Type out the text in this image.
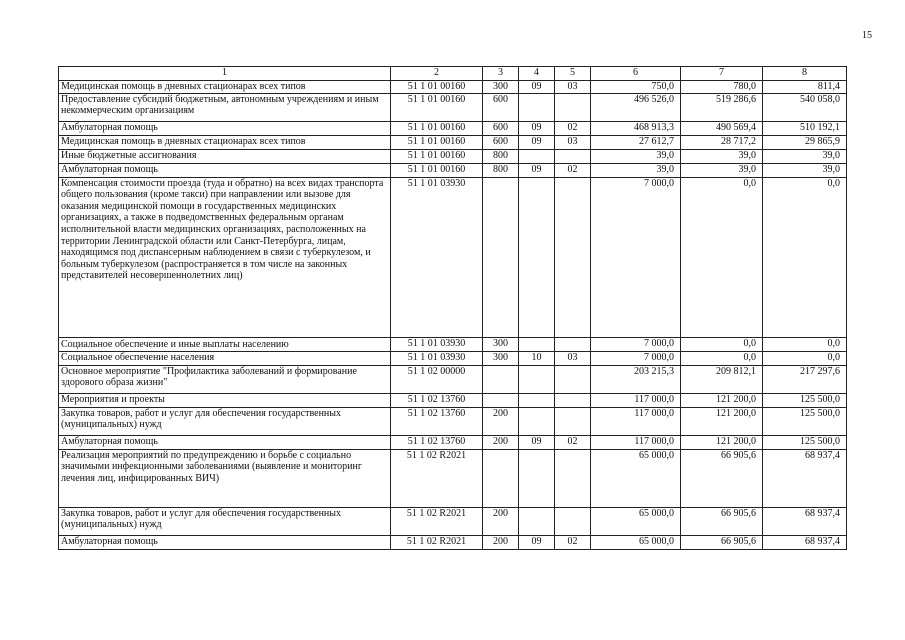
15
1	2	3	4	5	6	7	8
Медицинская помощь в дневных стационарах всех типов	51 1 01 00160	300	09	03	750,0	780,0	811,4
Предоставление субсидий бюджетным, автономным учреждениям и иным некоммерческим организациям	51 1 01 00160	600			496 526,0	519 286,6	540 058,0
Амбулаторная помощь	51 1 01 00160	600	09	02	468 913,3	490 569,4	510 192,1
Медицинская помощь в дневных стационарах всех типов	51 1 01 00160	600	09	03	27 612,7	28 717,2	29 865,9
Иные бюджетные ассигнования	51 1 01 00160	800			39,0	39,0	39,0
Амбулаторная помощь	51 1 01 00160	800	09	02	39,0	39,0	39,0
Компенсация стоимости проезда (туда и обратно) на всех видах транспорта общего пользования (кроме такси) при направлении или вызове для оказания медицинской помощи в государственных медицинских организациях, а также в подведомственных федеральным органам исполнительной власти медицинских организациях, расположенных на территории Ленинградской области или Санкт-Петербурга, лицам, находящимся под диспансерным наблюдением в связи с туберкулезом, и больным туберкулезом (распространяется в том числе на законных представителей несовершеннолетних лиц)	51 1 01 03930				7 000,0	0,0	0,0
Социальное обеспечение и иные выплаты населению	51 1 01 03930	300			7 000,0	0,0	0,0
Социальное обеспечение населения	51 1 01 03930	300	10	03	7 000,0	0,0	0,0
Основное мероприятие "Профилактика заболеваний и формирование здорового образа жизни"	51 1 02 00000				203 215,3	209 812,1	217 297,6
Мероприятия и проекты	51 1 02 13760				117 000,0	121 200,0	125 500,0
Закупка товаров, работ и услуг для обеспечения государственных (муниципальных) нужд	51 1 02 13760	200			117 000,0	121 200,0	125 500,0
Амбулаторная помощь	51 1 02 13760	200	09	02	117 000,0	121 200,0	125 500,0
Реализация мероприятий по предупреждению и борьбе с социально значимыми инфекционными заболеваниями (выявление и мониторинг лечения лиц, инфицированных ВИЧ)	51 1 02 R2021				65 000,0	66 905,6	68 937,4
Закупка товаров, работ и услуг для обеспечения государственных (муниципальных) нужд	51 1 02 R2021	200			65 000,0	66 905,6	68 937,4
Амбулаторная помощь	51 1 02 R2021	200	09	02	65 000,0	66 905,6	68 937,4
